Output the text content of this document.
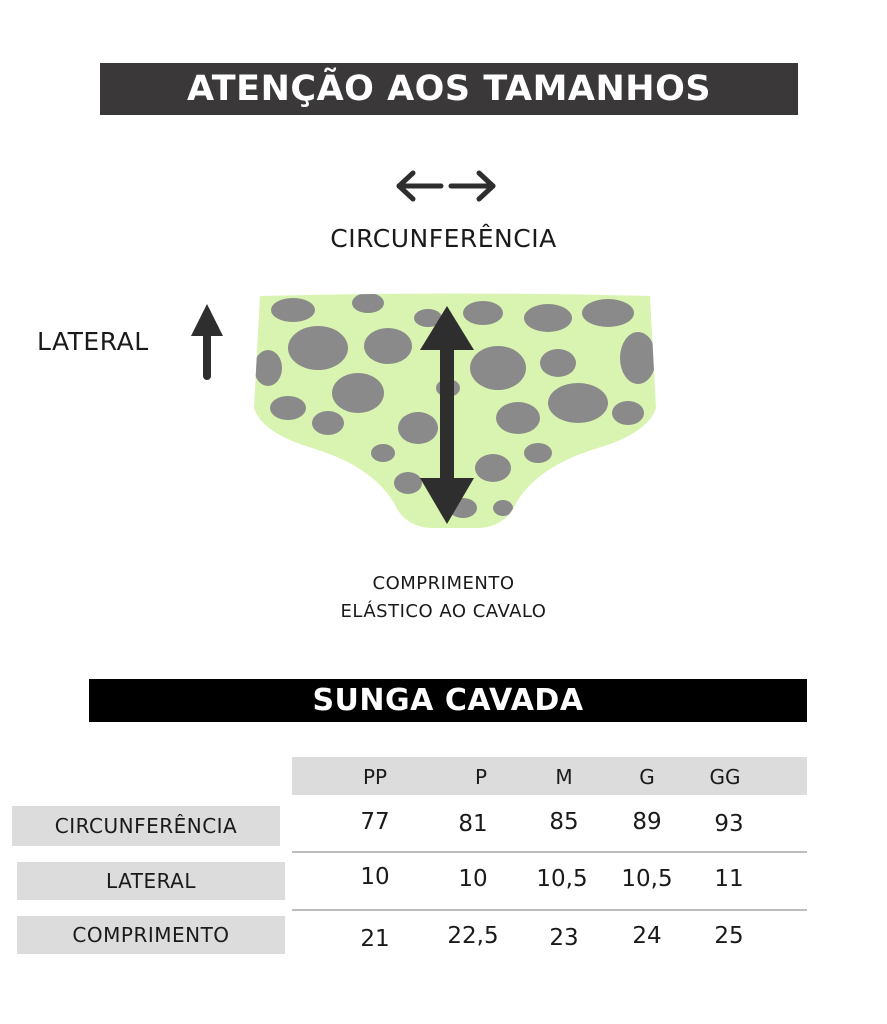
ATENÇÃO AOS TAMANHOS
CIRCUNFERÊNCIA
LATERAL
COMPRIMENTO
ELÁSTICO AO CAVALO
SUNGA CAVADA
PP	P	M	G	GG
CIRCUNFERÊNCIA	77	81	85	89	93
LATERAL	10	10	10,5	10,5	11
COMPRIMENTO	21	22,5	23	24	25
